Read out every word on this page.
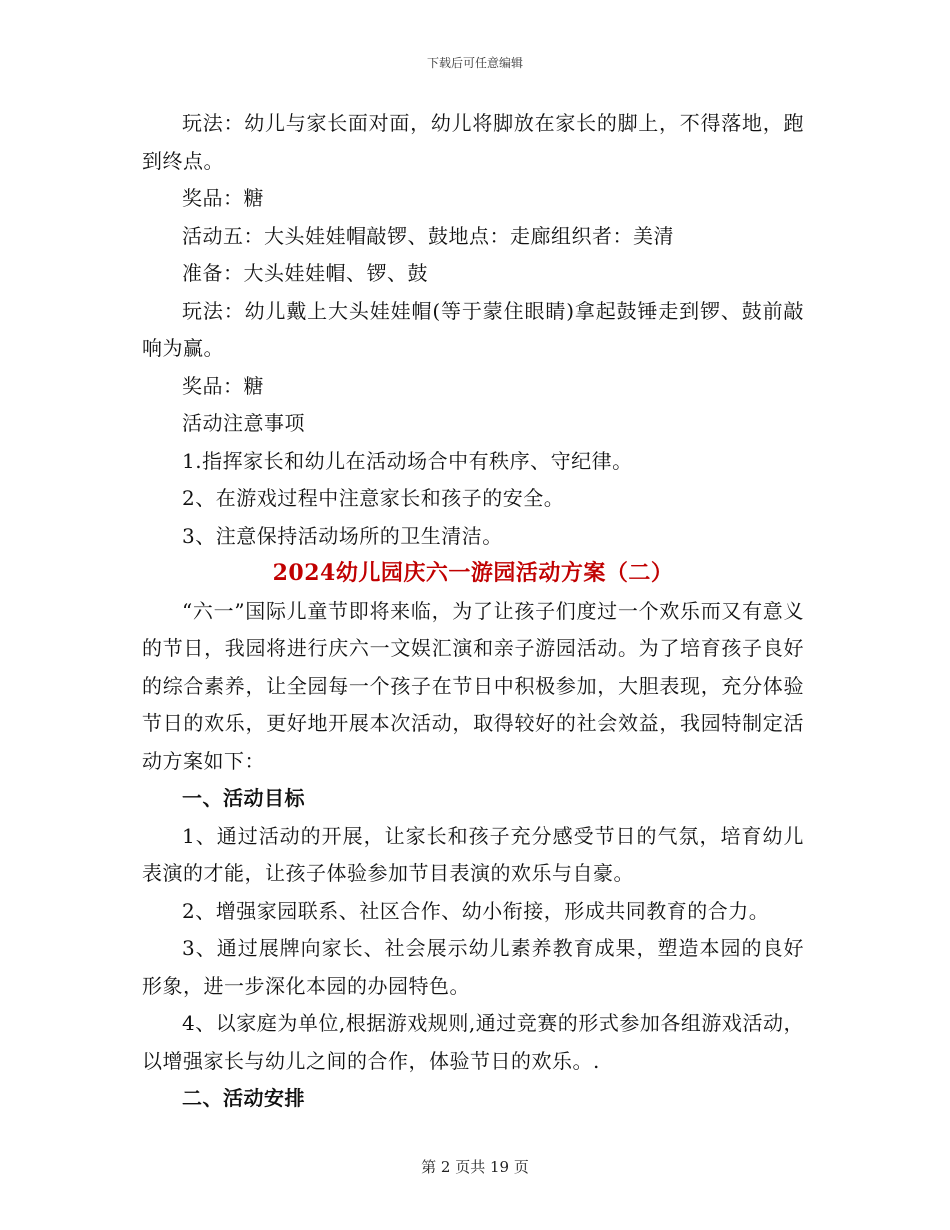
下载后可任意编辑

玩法：幼儿与家长面对面，幼儿将脚放在家长的脚上，不得落地，跑到终点。

奖品：糖

活动五：大头娃娃帽敲锣、鼓地点：走廊组织者：美清

准备：大头娃娃帽、锣、鼓

玩法：幼儿戴上大头娃娃帽(等于蒙住眼睛)拿起鼓锤走到锣、鼓前敲响为赢。

奖品：糖

活动注意事项

1.指挥家长和幼儿在活动场合中有秩序、守纪律。

2、在游戏过程中注意家长和孩子的安全。

3、注意保持活动场所的卫生清洁。

2024幼儿园庆六一游园活动方案（二）

“六一”国际儿童节即将来临，为了让孩子们度过一个欢乐而又有意义的节日，我园将进行庆六一文娱汇演和亲子游园活动。为了培育孩子良好的综合素养，让全园每一个孩子在节日中积极参加，大胆表现，充分体验节日的欢乐，更好地开展本次活动，取得较好的社会效益，我园特制定活动方案如下：

一、活动目标

1、通过活动的开展，让家长和孩子充分感受节日的气氛，培育幼儿表演的才能，让孩子体验参加节目表演的欢乐与自豪。

2、增强家园联系、社区合作、幼小衔接，形成共同教育的合力。

3、通过展牌向家长、社会展示幼儿素养教育成果，塑造本园的良好形象，进一步深化本园的办园特色。

4、以家庭为单位,根据游戏规则,通过竞赛的形式参加各组游戏活动，以增强家长与幼儿之间的合作，体验节日的欢乐。.

二、活动安排

第 2 页共 19 页
